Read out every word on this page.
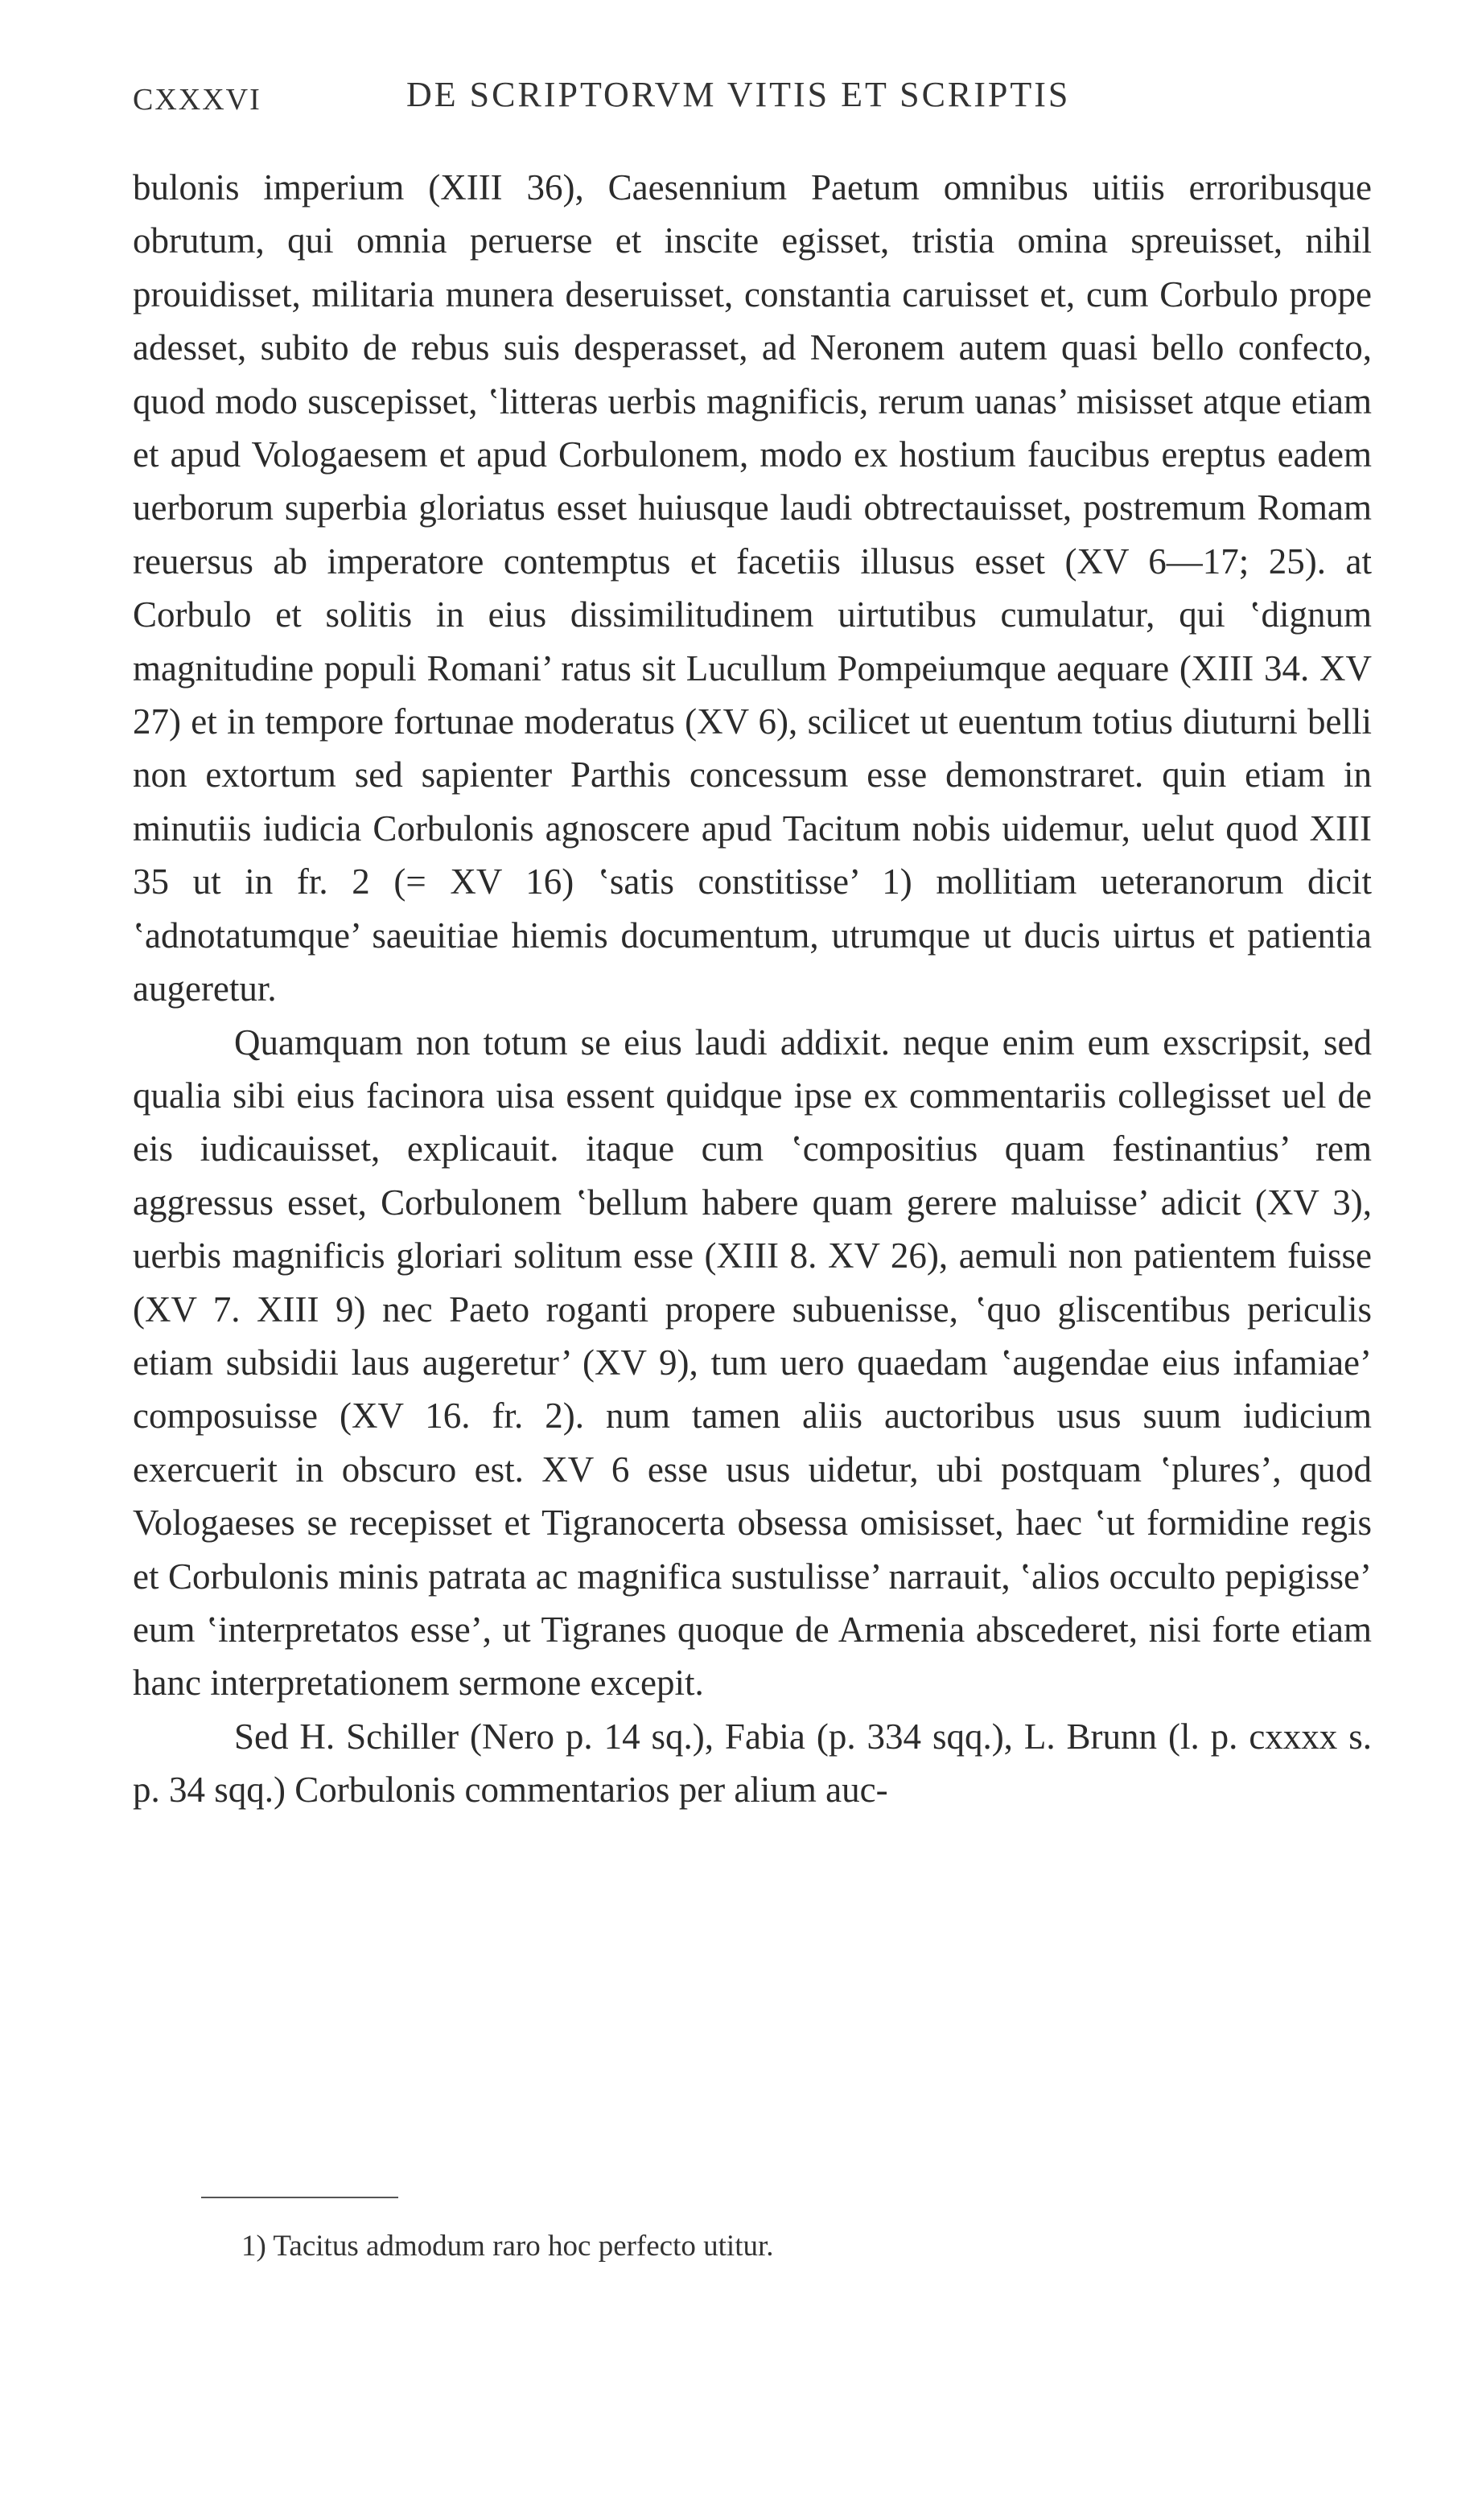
CXXXVI	DE SCRIPTORVM VITIS ET SCRIPTIS

bulonis imperium (XIII 36), Caesennium Paetum omnibus uitiis erroribusque obrutum, qui omnia peruerse et inscite egisset, tristia omina spreuisset, nihil prouidisset, militaria munera deseruisset, constantia caruisset et, cum Corbulo prope adesset, subito de rebus suis desperasset, ad Neronem autem quasi bello confecto, quod modo suscepisset, ʽlitteras uerbis magnificis, rerum uanas’ misisset atque etiam et apud Vologaesem et apud Corbulonem, modo ex hostium faucibus ereptus eadem uerborum superbia gloriatus esset huiusque laudi obtrectauisset, postremum Romam reuersus ab imperatore contemptus et facetiis illusus esset (XV 6—17; 25). at Corbulo et solitis in eius dissimilitudinem uirtutibus cumulatur, qui ʽdignum magnitudine populi Romani’ ratus sit Lucullum Pompeiumque aequare (XIII 34. XV 27) et in tempore fortunae moderatus (XV 6), scilicet ut euentum totius diuturni belli non extortum sed sapienter Parthis concessum esse demonstraret. quin etiam in minutiis iudicia Corbulonis agnoscere apud Tacitum nobis uidemur, uelut quod XIII 35 ut in fr. 2 (= XV 16) ʽsatis constitisse’ 1) mollitiam ueteranorum dicit ʽadnotatumque’ saeuitiae hiemis documentum, utrumque ut ducis uirtus et patientia augeretur.

Quamquam non totum se eius laudi addixit. neque enim eum exscripsit, sed qualia sibi eius facinora uisa essent quidque ipse ex commentariis collegisset uel de eis iudicauisset, explicauit. itaque cum ʽcompositius quam festinantius’ rem aggressus esset, Corbulonem ʽbellum habere quam gerere maluisse’ adicit (XV 3), uerbis magnificis gloriari solitum esse (XIII 8. XV 26), aemuli non patientem fuisse (XV 7. XIII 9) nec Paeto roganti propere subuenisse, ʽquo gliscentibus periculis etiam subsidii laus augeretur’ (XV 9), tum uero quaedam ʽaugendae eius infamiae’ composuisse (XV 16. fr. 2). num tamen aliis auctoribus usus suum iudicium exercuerit in obscuro est. XV 6 esse usus uidetur, ubi postquam ʽplures’, quod Vologaeses se recepisset et Tigranocerta obsessa omisisset, haec ʽut formidine regis et Corbulonis minis patrata ac magnifica sustulisse’ narrauit, ʽalios occulto pepigisse’ eum ʽinterpretatos esse’, ut Tigranes quoque de Armenia abscederet, nisi forte etiam hanc interpretationem sermone excepit.

Sed H. Schiller (Nero p. 14 sq.), Fabia (p. 334 sqq.), L. Brunn (l. p. cxxxx s. p. 34 sqq.) Corbulonis commentarios per alium auc-

1) Tacitus admodum raro hoc perfecto utitur.
